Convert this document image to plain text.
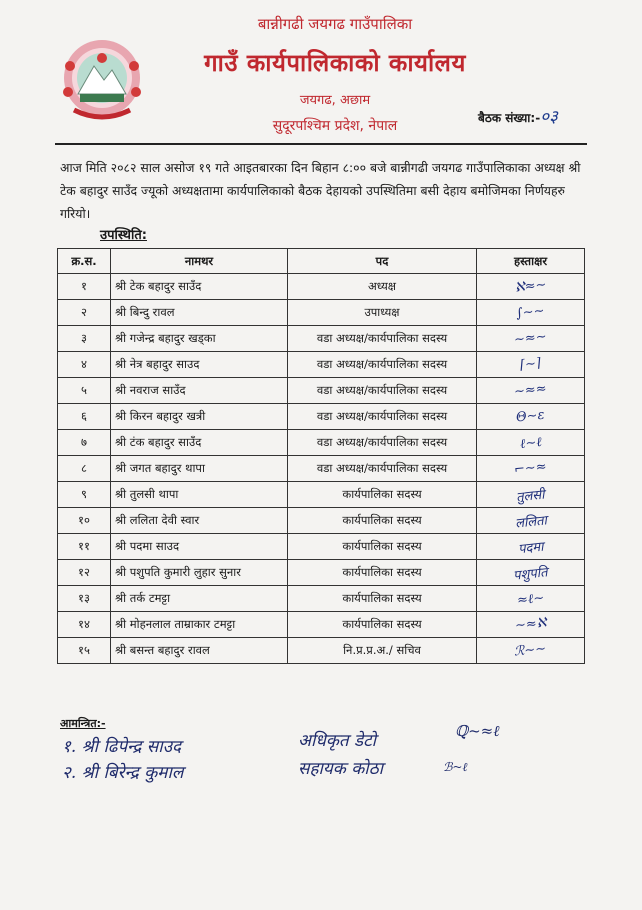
बान्नीगढी जयगढ गाउँपालिका
गाउँ कार्यपालिकाको कार्यालय
जयगढ, अछाम
सुदूरपश्चिम प्रदेश, नेपाल	बैठक संख्या:-०३
आज मिति २०८२ साल असोज १९ गते आइतबारका दिन बिहान ८:०० बजे बान्नीगढी जयगढ गाउँपालिकाका अध्यक्ष श्री टेक बहादुर साउँद ज्यूको अध्यक्षतामा कार्यपालिकाको बैठक देहायको उपस्थितिमा बसी देहाय बमोजिमका निर्णयहरु गरियो।
उपस्थिति:
क्र.स.	नामथर	पद	हस्ताक्षर
१	श्री टेक बहादुर साउँद	अध्यक्ष	ℵ≈~
२	श्री बिन्दु रावल	उपाध्यक्ष	∫~~
३	श्री गजेन्द्र बहादुर खड्का	वडा अध्यक्ष/कार्यपालिका सदस्य	~≈~
४	श्री नेत्र बहादुर साउद	वडा अध्यक्ष/कार्यपालिका सदस्य	⌈~⌉
५	श्री नवराज साउँद	वडा अध्यक्ष/कार्यपालिका सदस्य	~≈≈
६	श्री किरन बहादुर खत्री	वडा अध्यक्ष/कार्यपालिका सदस्य	Θ~ε
७	श्री टंक बहादुर साउँद	वडा अध्यक्ष/कार्यपालिका सदस्य	ℓ~ℓ
८	श्री जगत बहादुर थापा	वडा अध्यक्ष/कार्यपालिका सदस्य	⌐~≈
९	श्री तुलसी थापा	कार्यपालिका सदस्य	तुलसी
१०	श्री ललिता देवी स्वार	कार्यपालिका सदस्य	ललिता
११	श्री पदमा साउद	कार्यपालिका सदस्य	पदमा
१२	श्री पशुपति कुमारी लुहार सुनार	कार्यपालिका सदस्य	पशुपति
१३	श्री तर्क टमट्टा	कार्यपालिका सदस्य	≈ℓ~
१४	श्री मोहनलाल ताम्राकार टमट्टा	कार्यपालिका सदस्य	~≈ℵ
१५	श्री बसन्त बहादुर रावल	नि.प्र.प्र.अ./ सचिव	ℛ~~
आमन्त्रित:-
१. श्री ढिपेन्द्र साउद
२. श्री बिरेन्द्र कुमाल
अधिकृत डेटो
सहायक कोठा
ℚ~≈ℓ
ℬ~ℓ
